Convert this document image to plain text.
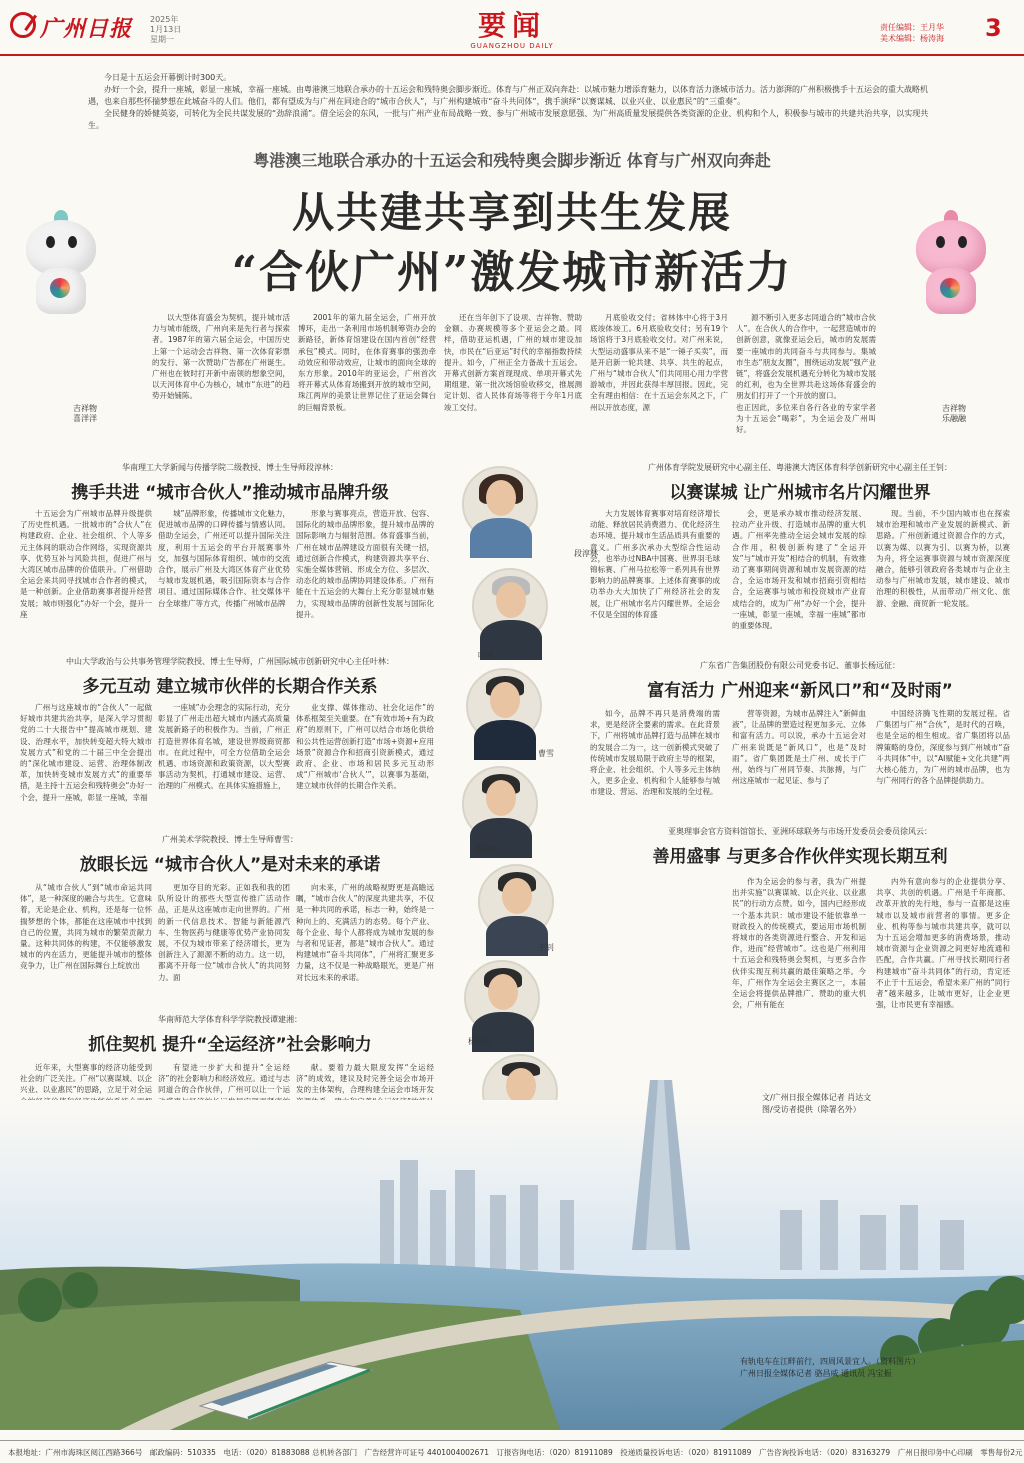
广州日报 2025年
1月13日
星期一	要闻
GUANGZHOU DAILY
责任编辑：王月华
美术编辑：杨涛海 3

今日是十五运会开幕倒计时300天。

办好一个会，提升一座城，彰显一座城，幸福一座城。由粤港澳三地联合承办的十五运会和残特奥会脚步渐近。体育与广州正双向奔赴：以城市魅力增添育魅力，以体育活力涤城市活力。活力澎湃的广州积极携手十五运会的重大战略机遇，也来自那些怀揣梦想在此城奋斗的人们。他们，都有望成为与广州在同途合的“城市合伙人”，与广州构建城市“奋斗共同体”，携手演绎“以赛谋城、以业兴业、以业惠民”的“三重奏”。

全民健身的娇健英姿，可转化为全民共谋发展的“劲辞浪涌”。借全运会的东风，一批与广州产业布局战略一致、参与广州城市发展意愿强、为广州高质量发展提供各类资源的企业、机构和个人，积极参与城市的共建共治共享，以实现共生。

粤港澳三地联合承办的十五运会和残特奥会脚步渐近 体育与广州双向奔赴
从共建共享到共生发展
“合伙广州”激发城市新活力
吉祥物
喜洋洋
吉祥物
乐融融

以大型体育盛会为契机，提升城市活力与城市能级，广州向来是先行者与探索者。1987年的第六届全运会，中国历史上第一个运动会吉祥物、第一次体育彩票的发行、第一次赞助广告都在广州诞生。广州也在彼时打开新中南领的想象空间，以天河体育中心为核心，城市“东进”的趋势开始铺陈。

2001年的第九届全运会，广州开放博环，走出一条利用市场机制筹资办会的新路径，新体育馆建设在国内首创“经营承包”模式。同时，在体育赛事的强劲牵动效应和带动效应，让城市的面向全球的东方形象。2010年的亚运会，广州首次将开幕式从体育场搬到开放的城市空间，珠江两岸的美景让世界记住了亚运会舞台的巨幅背景板。

还在当年创下了设项、吉祥物、赞助金额、办赛规模等多个亚运会之最。同样，借助亚运机遇，广州的城市建设加快，市民在“后亚运”时代的幸福指数持续提升。如今，广州正全力备战十五运会。开幕式创新方案首现现成、单项开幕式先期组建、第一批次场馆验收移交，推展测定计划、省人民体育场等将于今年1月底竣工交付。

月底验收交付；省林体中心将于3月底竣体竣工。6月底验收交付；另有19个场馆将于3月底验收交付。对广州来说，大型运动盛事从来不是“一锤子买卖”，而是开启新一轮共建、共享、共生的起点，广州与“城市合伙人”们共同用心用力学营游城市，并因此获得丰厚回报。因此，完全有理由相信：在十五运会东风之下，广州以开放态度，源

源不断引入更多志同道合的“城市合伙人”。在合伙人的合作中，一起营造城市的创新创意，就像亚运会后，城市的发展需要一座城市的共同奋斗与共同参与。集城市生态“朋友友圈”，围绕运动发展“强产业链”，将盛会发展机遇充分转化为城市发展的红利，也为全世界共赴这场体育盛会的朋友们打开了一个开放的窗口。
也正因此，多位来自各行各业的专家学者为十五运会“喝彩”，为全运会及广州叫好。

华南理工大学新闻与传播学院二级教授、博士生导师段淳林：
携手共进 “城市合伙人”推动城市品牌升级

十五运会为广州城市品牌升级提供了历史性机遇。一批城市的“合伙人”在构建政府、企业、社会组织、个人等多元主体间的联动合作网络，实现资源共享、优势互补与风险共担，促进广州与大湾区城市品牌的价值联升。广州借助全运会来共同寻找城市合作者的模式，是一种创新。企业借助赛事者提升经营发展；城市则强化“办好一个会，提升一座

城”品牌形象，传播城市文化魅力，促进城市品牌的口碑传播与情感认同。借助全运会，广州还可以提升国际关注度，利用十五运会的平台开展赛事外交，加强与国际体育组织、城市的交流合作，展示广州及大湾区体育产业优势与城市发展机遇，吸引国际资本与合作项目。通过国际媒体合作、社交媒体平台全球推广等方式，传播广州城市品牌

形象与赛事亮点，营造开放、包容、国际化的城市品牌形象，提升城市品牌的国际影响力与辐射范围。体育盛事当前，广州在城市品牌建设方面很有关键一招，通过创新合作模式，构建资源共享平台、实施全媒体营销、形成全方位、多层次、动态化的城市品牌协同建设体系。广州有能在十五运会的大舞台上充分彰显城市魅力，实现城市品牌的创新性发展与国际化提升。

中山大学政治与公共事务管理学院教授、博士生导师，广州国际城市创新研究中心主任叶林：
多元互动 建立城市伙伴的长期合作关系

广州与这座城市的“合伙人”一起做好城市共建共治共享，是深入学习贯彻党的二十大报告中“提高城市规划、建设、治理水平，加快转变超大特大城市发展方式”和党的二十届三中全会提出的“深化城市建设、运营、治理体制改革，加快转变城市发展方式”的重要举措，是主持十五运会和残特奥会“办好一个会，提升一座城，彰显一座城，幸福

一座城”办会理念的实际行动，充分彰显了广州走出超大城市内涵式高质量发展新路子的积极作为。当前，广州正打造世界体育名城，建设世界级商贸都市。在此过程中，可全方位借助全运会机遇、市场资源和政策资源，以大型赛事活动为契机，打通城市建设、运营、治理的广州模式。在具体实施措施上，

业支撑、媒体推动、社会化运作”的体系框架至关重要。在“有效市场+有为政府”的原则下，广州可以结合市场化供给和公共性运营创新打造“市场+资源+应用场景”资源合作和招商引资新模式，通过政府、企业、市场和居民多元互动形成“广州城市‘合伙人’”，以赛事为基础，建立城市伙伴的长期合作关系。

广州美术学院教授、博士生导师曹雪：
放眼长远 “城市合伙人”是对未来的承诺

从“城市合伙人”到“城市命运共同体”，是一种深度的融合与共生。它意味着，无论是企业、机构，还是每一位怀揣梦想的个体，都能在这座城市中找到自己的位置，共同为城市的繁荣贡献力量。这种共同体的构建，不仅能够激发城市的内在活力，更能提升城市的整体竞争力，让广州在国际舞台上绽放出

更加夺目的光彩。正如我和我的团队所设计的那些大型宣传推广活动作品，正是从这座城市走向世界的。广州的新一代信息技术、智能与新能源汽车、生物医药与健康等优势产业协同发展，不仅为城市带来了经济增长，更为创新注入了源源不断的动力。这一切，都离不开每一位“城市合伙人”的共同努力。面

向未来，广州的战略视野更是高瞻远瞩，“城市合伙人”的深度共建共享，不仅是一种共同的承诺，标志一种，始终是一种向上的、充满活力的态势。每个产业、每个企业、每个人都将成为城市发展的参与者和见证者，都是“城市合伙人”。通过构建城市“奋斗共同体”，广州将汇聚更多力量，这不仅是一种战略眼光，更是广州对长远未来的承诺。

华南师范大学体育科学学院教授谭建湘：
抓住契机 提升“全运经济”社会影响力

近年来，大型赛事的经济功能受到社会的广泛关注。广州“以赛谋城、以企兴业、以业惠民”的思路，立足于对全运

有望进一步扩大和提升“全运经济”的社会影响力和经济效应。通过与志同道合的合作伙伴，广州可以让一个运

献。要着力最大限度发挥“全运经济”的成效，建议及时完善全运会市场开发的主体架构，合理构建全运会市场开发

广州体育学院发展研究中心副主任、粤港澳大湾区体育科学创新研究中心副主任王钊：
以赛谋城 让广州城市名片闪耀世界

大力发展体育赛事对培育经济增长动能、释放居民消费潜力、优化经济生态环境、提升城市生活品质具有重要的意义。广州多次承办大型综合性运动会，也举办过NBA中国赛、世界羽毛球锦标赛、广州马拉松等一系列具有世界影响力的品牌赛事。上述体育赛事的成功举办大大加快了广州经济社会的发展，让广州城市名片闪耀世界。全运会不仅是全国的体育盛

会，更是承办城市推动经济发展、拉动产业升级、打造城市品牌的重大机遇。广州率先推动全运会城市发展的综合作用，积极创新构建了“全运开发”与“城市开发”相结合的机制，有效推动了赛事期间资源和城市发展资源的结合，全运市场开发和城市招商引资相结合，全运赛事与城市和投资城市产业育成结合的，成为广州“办好一个会，提升一座城，彰显一座城，幸福一座城”都市的重要体现。

现。当前，不少国内城市也在探索城市治理和城市产业发展的新模式、新思路。广州创新通过资源合作的方式，以赛为媒、以赛为引、以赛为桥，以赛为舟，将全运赛事资源与城市资源深度融合，能够引领政府各类城市与企业主动参与广州城市发展，城市建设、城市治理的积极性，从而带动广州文化、旅游、金融、商贸新一轮发展。

广东省广告集团股份有限公司党委书记、董事长杨远征：
富有活力 广州迎来“新风口”和“及时雨”

如今，品牌不再只是消费端的需求，更是经济全要素的需求。在此背景下，广州将城市品牌打造与品牌在城市的发展合二为一，这一创新模式突破了传统城市发展局限于政府主导的框架，将企业、社会组织、个人等多元主体纳入，更多企业、机构和个人能够参与城市建设、营运、治理和发展的全过程。

营等资源，为城市品牌注入“新鲜血液”，让品牌的塑造过程更加多元、立体和富有活力。可以说，承办十五运会对广州来说既是“新风口”，也是“及时雨”。省广集团既是土广州、成长于广州，始终与广州同节奏、共脉搏，与广州这座城市一起见证、参与了

中国经济腾飞性期的发展过程。省广集团与广州“合伙”，是时代的召唤，也是全运的相生相成。省广集团将以品牌策略的身份，深度参与到广州城市“奋斗共同体”中，以“AI赋能+文化共建”两大核心能力，为广州的城市品牌，也为与广州同行的各个品牌提供助力。

亚奥理事会官方资料馆馆长、亚洲环球联务与市场开发委员会委员徐风云：
善用盛事 与更多合作伙伴实现长期互利

作为全运会的参与者，我为广州提出并实施“以赛谋城、以企兴业、以业惠民”的行动方点赞。如今，国内已经形成一个基本共识：城市建设不能依靠单一财政投入的传统模式，要运用市场机制将城市的各类资源进行整合、开发和运作，进而“经营城市”。这也是广州利用十五运会和残特奥会契机，与更多合作伙伴实现互利共赢的最佳策略之举。今年，广州作为全运会主赛区之一，本届全运会将提供品牌推广、赞助的重大机会，广州有能在

内外有意向参与的企业提供分享、共享、共创的机遇。广州是千年商都、改革开放的先行地，参与一直都是这座城市以及城市前营者的事情。更多企业、机构等参与城市共建共享，就可以为十五运会增加更多的消费场景，推动城市资源与企业资源之间更好地流通和匹配，合作共赢。广州寻找长期同行者构建城市“奋斗共同体”的行动，肯定还不止于十五运会，希望未来广州的“同行者”越来越多，让城市更好，让企业更强，让市民更有幸福感。

段淳林
叶林
曹雪
谭建湘
王钊
杨远征
文/广州日报全媒体记者 肖达文
图/受访者提供（除署名外）
有轨电车在江畔前行，四周风景宜人。（资料图片）
广州日报全媒体记者 骆昌威 通讯员 冯宝振
本报地址：广州市海珠区阅江西路366号　邮政编码：510335　电话：（020）81883088 总机转各部门　广告经营许可证号 4401004002671　订报咨询电话：（020）81911089　投递质量投诉电话：（020）81911089　广告咨询投诉电话：（020）83163279　广州日报印务中心印刷　零售每份2元
